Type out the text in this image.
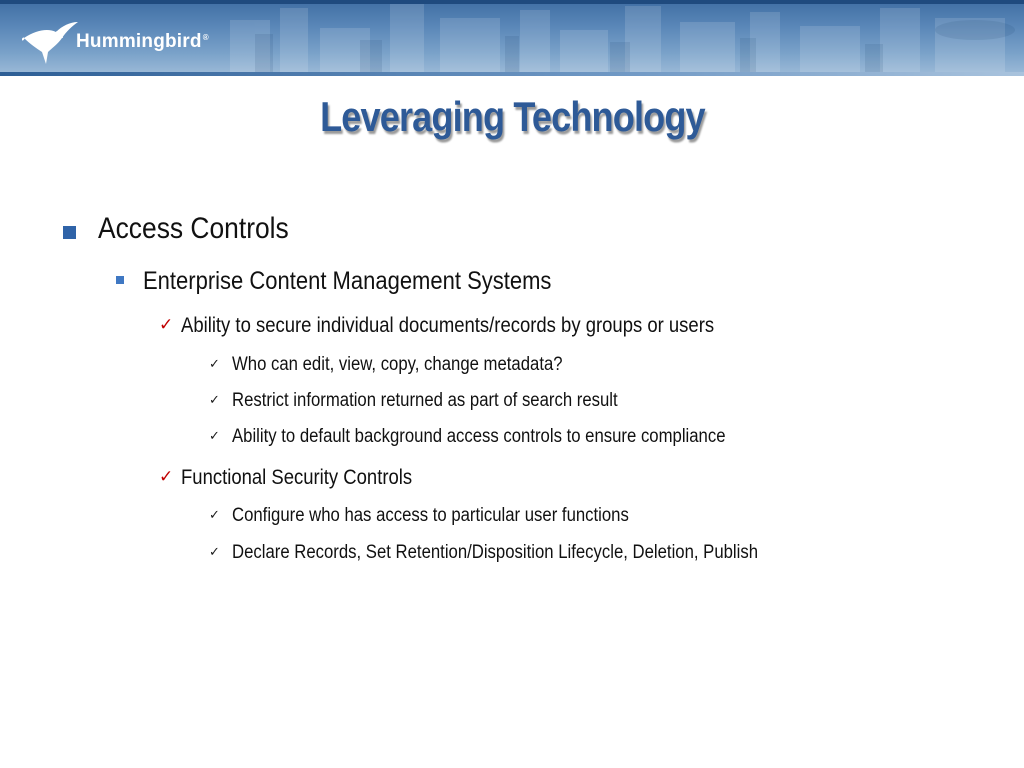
Hummingbird®
Leveraging Technology
Access Controls
Enterprise Content Management Systems
✓ Ability to secure individual documents/records by groups or users
✓ Who can edit, view, copy, change metadata?
✓ Restrict information returned as part of search result
✓ Ability to default background access controls to ensure compliance
✓ Functional Security Controls
✓ Configure who has access to particular user functions
✓ Declare Records, Set Retention/Disposition Lifecycle, Deletion, Publish
